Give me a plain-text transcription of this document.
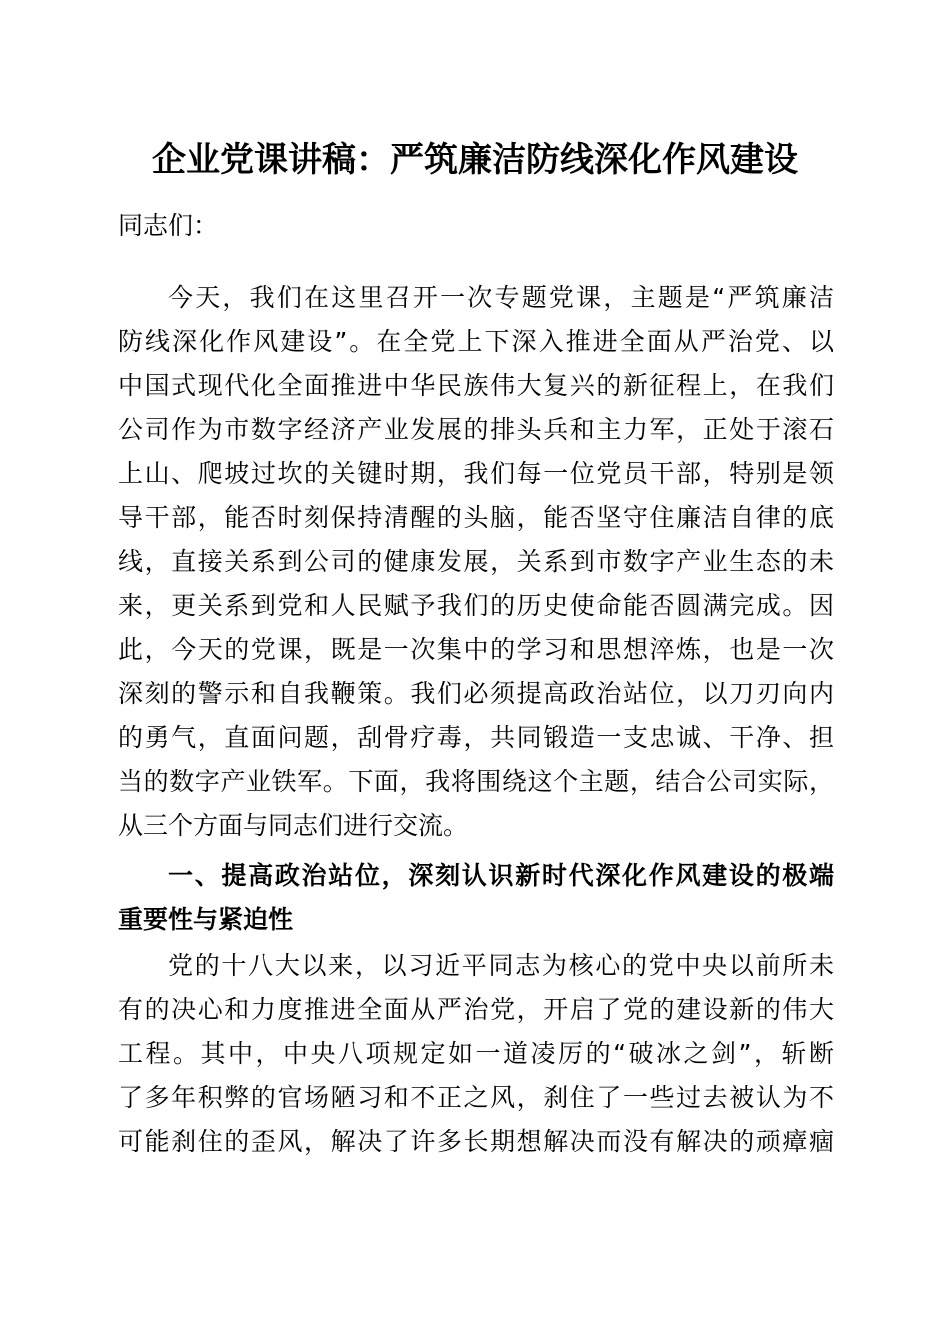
企业党课讲稿：严筑廉洁防线深化作风建设
同志们：
今天，我们在这里召开一次专题党课，主题是“严筑廉洁
防线深化作风建设”。在全党上下深入推进全面从严治党、以
中国式现代化全面推进中华民族伟大复兴的新征程上，在我们
公司作为市数字经济产业发展的排头兵和主力军，正处于滚石
上山、爬坡过坎的关键时期，我们每一位党员干部，特别是领
导干部，能否时刻保持清醒的头脑，能否坚守住廉洁自律的底
线，直接关系到公司的健康发展，关系到市数字产业生态的未
来，更关系到党和人民赋予我们的历史使命能否圆满完成。因
此，今天的党课，既是一次集中的学习和思想淬炼，也是一次
深刻的警示和自我鞭策。我们必须提高政治站位，以刀刃向内
的勇气，直面问题，刮骨疗毒，共同锻造一支忠诚、干净、担
当的数字产业铁军。下面，我将围绕这个主题，结合公司实际，
从三个方面与同志们进行交流。
一、提高政治站位，深刻认识新时代深化作风建设的极端
重要性与紧迫性
党的十八大以来，以习近平同志为核心的党中央以前所未
有的决心和力度推进全面从严治党，开启了党的建设新的伟大
工程。其中，中央八项规定如一道凌厉的“破冰之剑”，斩断
了多年积弊的官场陋习和不正之风，刹住了一些过去被认为不
可能刹住的歪风，解决了许多长期想解决而没有解决的顽瘴痼
